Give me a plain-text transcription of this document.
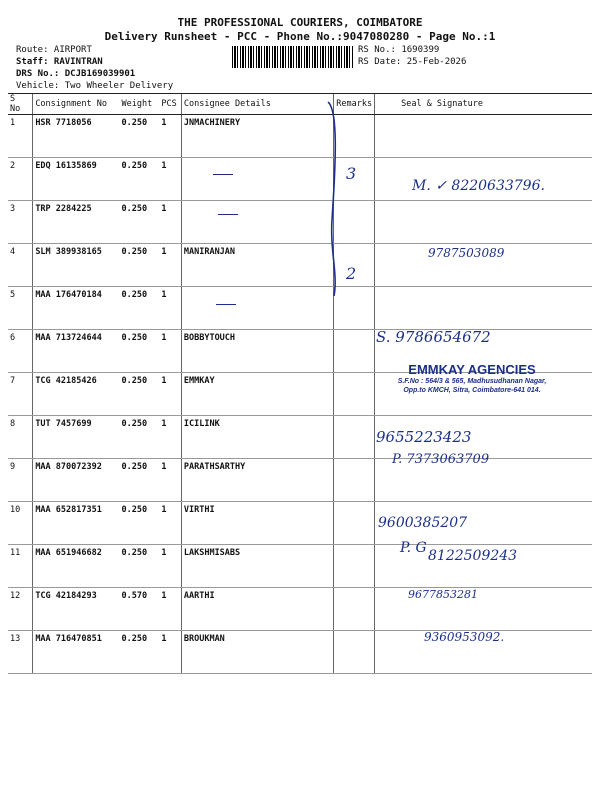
THE PROFESSIONAL COURIERS, COIMBATORE
Delivery Runsheet - PCC - Phone No.:9047080280 - Page No.:1
Route: AIRPORT
Staff: RAVINTRAN
DRS No.: DCJB169039901
Vehicle: Two Wheeler Delivery
RS No.: 1690399
RS Date: 25-Feb-2026
S No	Consignment No	Weight	PCS	Consignee Details	Remarks	Seal & Signature
1	HSR 7718056	0.250	1	JNMACHINERY		
2	EDQ 16135869	0.250	1			
3	TRP 2284225	0.250	1			
4	SLM 389938165	0.250	1	MANIRANJAN		
5	MAA 176470184	0.250	1			
6	MAA 713724644	0.250	1	BOBBYTOUCH		
7	TCG 42185426	0.250	1	EMMKAY		
8	TUT 7457699	0.250	1	ICILINK		
9	MAA 870072392	0.250	1	PARATHSARTHY		
10	MAA 652817351	0.250	1	VIRTHI		
11	MAA 651946682	0.250	1	LAKSHMISABS		
12	TCG 42184293	0.570	1	AARTHI		
13	MAA 716470851	0.250	1	BROUKMAN		
3
2
M. ✓ 8220633796.
9787503089
S. 9786654672
9655223423
P. 7373063709
9600385207
P. G 8122509243
9677853281
9360953092.
EMMKAY AGENCIES
S.F.No : 564/3 & 565, Madhusudhanan Nagar,
Opp.to KMCH, Sitra, Coimbatore-641 014.
